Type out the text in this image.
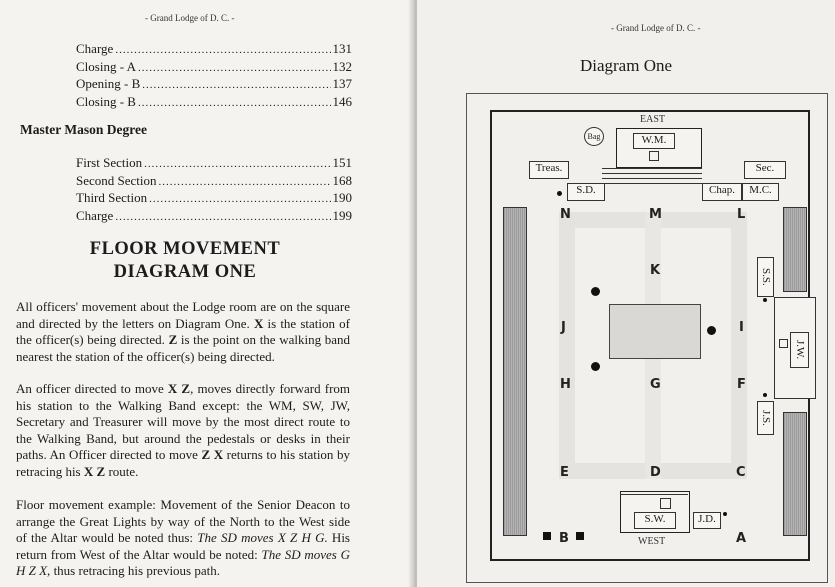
- Grand Lodge of D. C. -
Charge .....	131
Closing - A .....	132
Opening - B .....	137
Closing - B .....	146
Master Mason Degree
First Section .....	151
Second Section .....	168
Third Section .....	190
Charge .....	199
FLOOR MOVEMENT
DIAGRAM ONE
All officers' movement about the Lodge room are on the square and directed by the letters on Diagram One. X is the station of the officer(s) being directed. Z is the point on the walking band nearest the station of the officer(s) being directed.
An officer directed to move X Z, moves directly forward from his station to the Walking Band except: the WM, SW, JW, Secretary and Treasurer will move by the most direct route to the Walking Band, but around the pedestals or desks in their paths. An Officer directed to move Z X returns to his station by retracing his X Z route.
Floor movement example: Movement of the Senior Deacon to arrange the Great Lights by way of the North to the West side of the Altar would be noted thus: The SD moves X Z H G. His return from West of the Altar would be noted: The SD moves G H Z X, thus retracing his previous path.
- Grand Lodge of D. C. -
Diagram One
EAST
W.M.
Bag
Treas.	Sec.
S.D.	Chap.	M.C.
S.S.
J.W.
J.S.
S.W.	J.D.
WEST
N	M	L
K
J	I
H	G	F
E	D	C
B	A
